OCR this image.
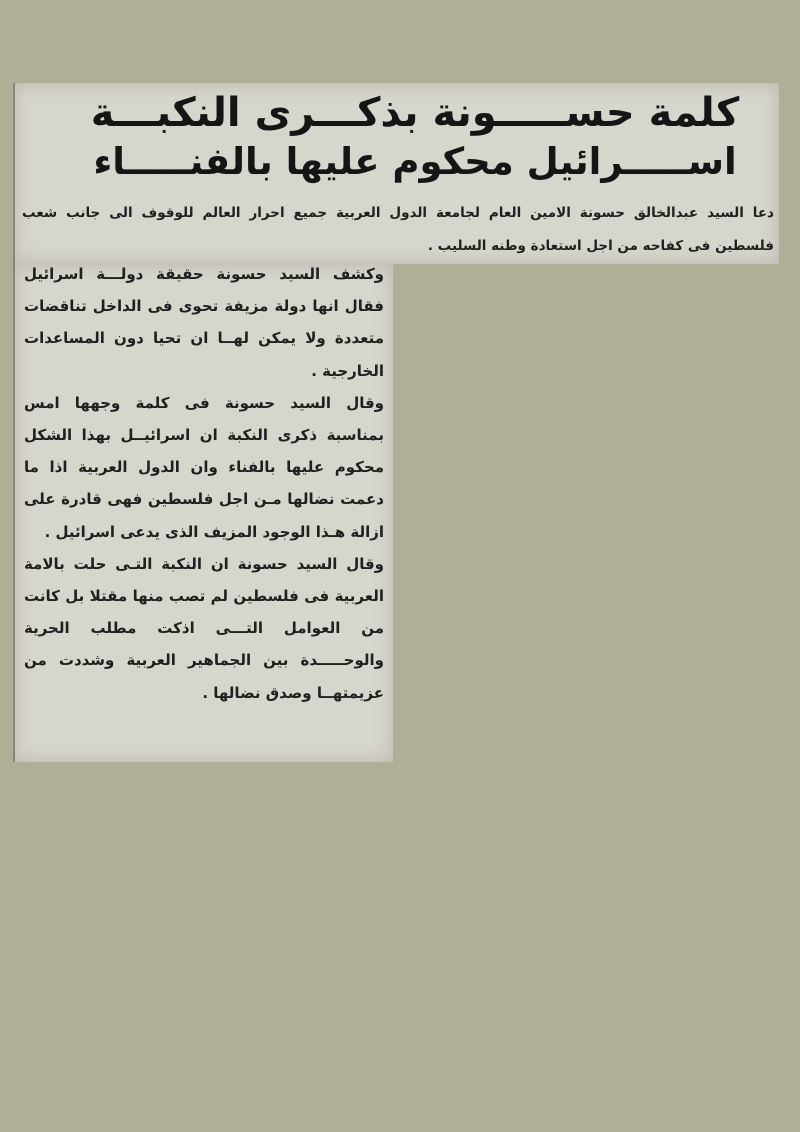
كلمة حســـــونة بذكـــرى النكبـــة
اســـــرائيل محكوم عليها بالفنـــــاء

دعا السيد عبدالخالق حسونة الامين العام لجامعة الدول العربية جميع احرار العالم للوقوف الى جانب شعب فلسطين فى كفاحه من اجل استعادة وطنه السليب .

وكشف السيد حسونة حقيقة دولـــة اسرائيل فقال انها دولة مزيفة تحوى فى الداخل تناقضات متعددة ولا يمكن لهــا ان تحيا دون المساعدات الخارجية .

وقال السيد حسونة فى كلمة وجهها امس بمناسبة ذكرى النكبة ان اسرائيــل بهذا الشكل محكوم عليها بالفناء وان الدول العربية اذا ما دعمت نضالها مـن اجل فلسطين فهى قادرة على ازالة هـذا الوجود المزيف الذى يدعى اسرائيل .

وقال السيد حسونة ان النكبة التـى حلت بالامة العربية فى فلسطين لم تصب منها مقتلا بل كانت من العوامل التـــى اذكت مطلب الحرية والوحـــــدة بين الجماهير العربية وشددت من عزيمتهــا وصدق نضالها .
